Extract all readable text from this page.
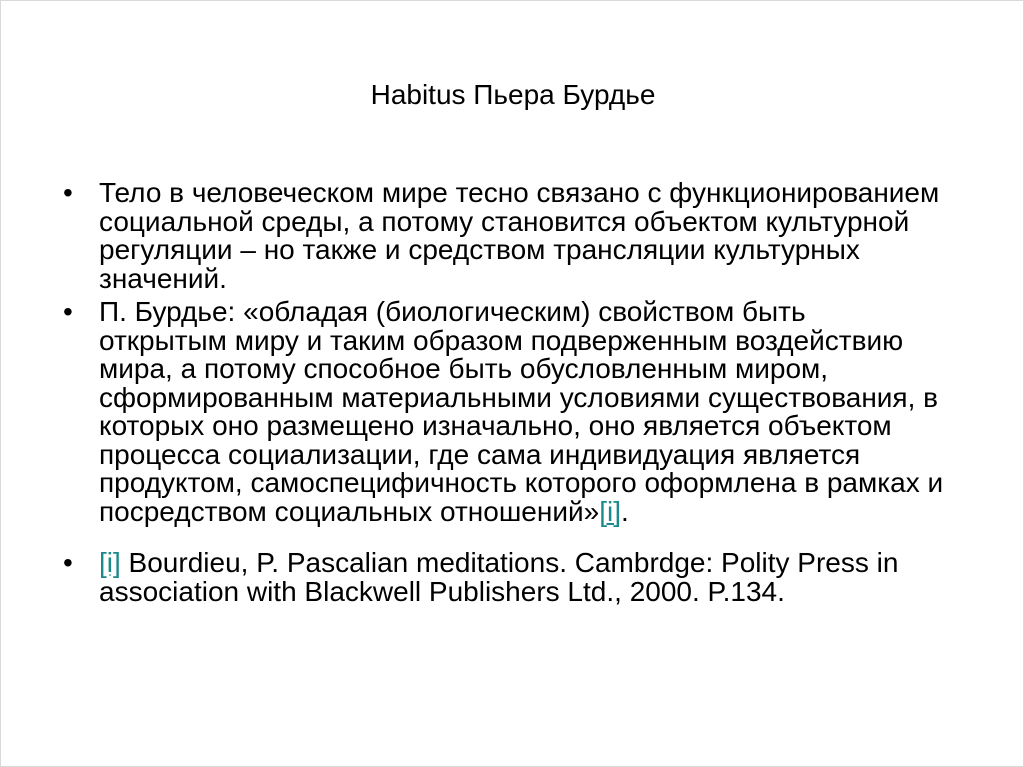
Habitus Пьера Бурдье
• Тело в человеческом мире тесно связано с функционированием
социальной среды, а потому становится объектом культурной
регуляции – но также и средством трансляции культурных
значений.
• П. Бурдье: «обладая (биологическим) свойством быть
открытым миру и таким образом подверженным воздействию
мира, а потому способное быть обусловленным миром,
сформированным материальными условиями существования, в
которых оно размещено изначально, оно является объектом
процесса социализации, где сама индивидуация является
продуктом, самоспецифичность которого оформлена в рамках и
посредством социальных отношений»[i].
• [i] Bourdieu, P. Pascalian meditations. Cambrdge: Polity Press in
association with Blackwell Publishers Ltd., 2000. P.134.
